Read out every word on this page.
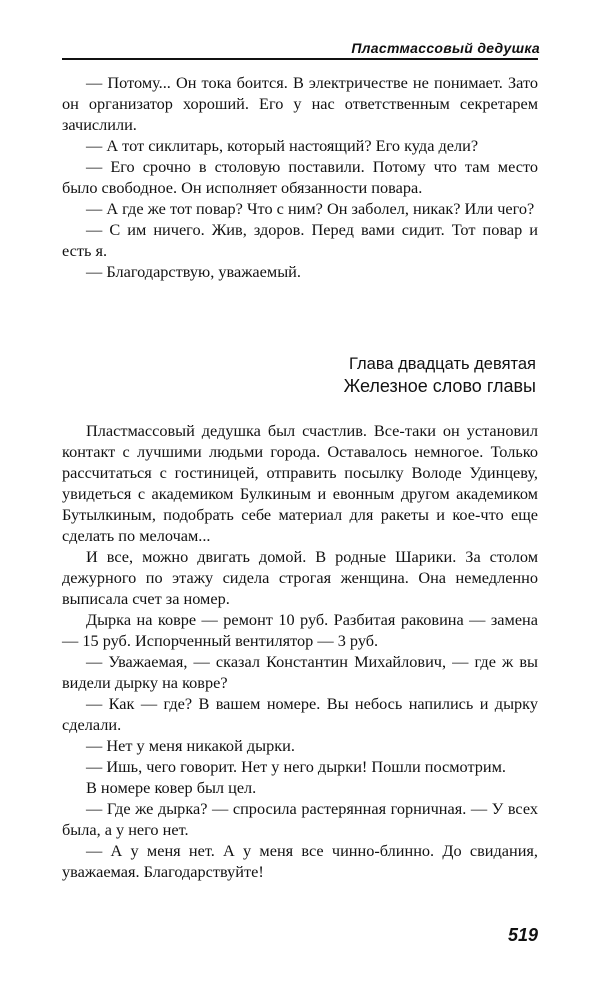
Пластмассовый дедушка

— Потому... Он тока боится. В электричестве не понимает. Зато он организатор хороший. Его у нас ответственным секретарем зачислили.

— А тот сиклитарь, который настоящий? Его куда дели?

— Его срочно в столовую поставили. Потому что там место было свободное. Он исполняет обязанности повара.

— А где же тот повар? Что с ним? Он заболел, никак? Или чего?

— С им ничего. Жив, здоров. Перед вами сидит. Тот повар и есть я.

— Благодарствую, уважаемый.

Глава двадцать девятая
Железное слово главы

Пластмассовый дедушка был счастлив. Все-таки он установил контакт с лучшими людьми города. Оставалось немногое. Только рассчитаться с гостиницей, отправить посылку Володе Удинцеву, увидеться с академиком Булкиным и евонным другом академиком Бутылкиным, подобрать себе материал для ракеты и кое-что еще сделать по мелочам...

И все, можно двигать домой. В родные Шарики. За столом дежурного по этажу сидела строгая женщина. Она немедленно выписала счет за номер.

Дырка на ковре — ремонт 10 руб. Разбитая раковина — замена — 15 руб. Испорченный вентилятор — 3 руб.

— Уважаемая, — сказал Константин Михайлович, — где ж вы видели дырку на ковре?

— Как — где? В вашем номере. Вы небось напились и дырку сделали.

— Нет у меня никакой дырки.

— Ишь, чего говорит. Нет у него дырки! Пошли посмотрим.

В номере ковер был цел.

— Где же дырка? — спросила растерянная горничная. — У всех была, а у него нет.

— А у меня нет. А у меня все чинно-блинно. До свидания, уважаемая. Благодарствуйте!

519
